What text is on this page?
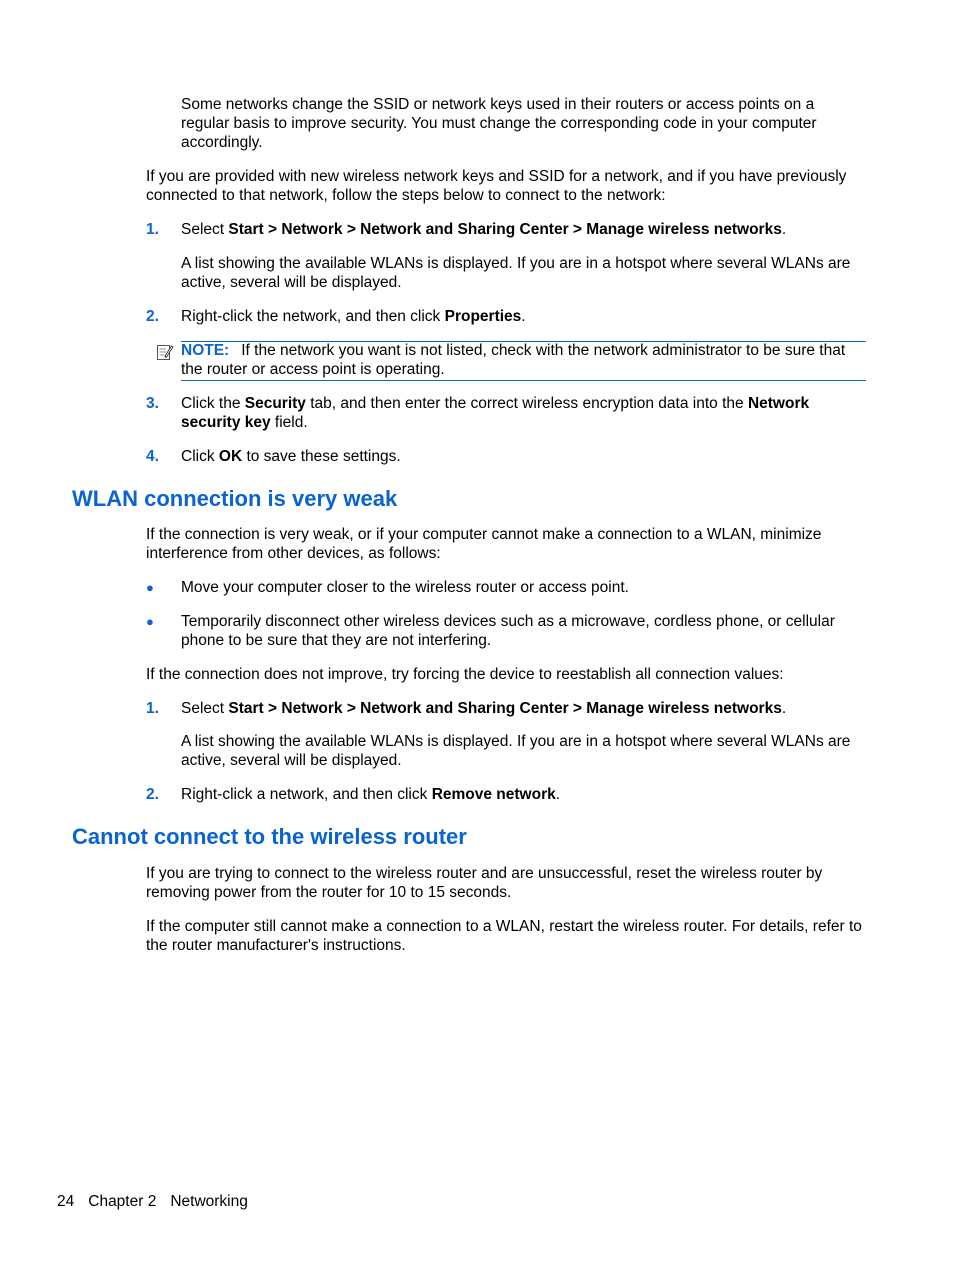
Some networks change the SSID or network keys used in their routers or access points on a regular basis to improve security. You must change the corresponding code in your computer accordingly.

If you are provided with new wireless network keys and SSID for a network, and if you have previously connected to that network, follow the steps below to connect to the network:

1. Select Start > Network > Network and Sharing Center > Manage wireless networks.

A list showing the available WLANs is displayed. If you are in a hotspot where several WLANs are active, several will be displayed.

2. Right-click the network, and then click Properties.

NOTE: If the network you want is not listed, check with the network administrator to be sure that the router or access point is operating.

3. Click the Security tab, and then enter the correct wireless encryption data into the Network security key field.

4. Click OK to save these settings.

WLAN connection is very weak

If the connection is very weak, or if your computer cannot make a connection to a WLAN, minimize interference from other devices, as follows:

● Move your computer closer to the wireless router or access point.

● Temporarily disconnect other wireless devices such as a microwave, cordless phone, or cellular phone to be sure that they are not interfering.

If the connection does not improve, try forcing the device to reestablish all connection values:

1. Select Start > Network > Network and Sharing Center > Manage wireless networks.

A list showing the available WLANs is displayed. If you are in a hotspot where several WLANs are active, several will be displayed.

2. Right-click a network, and then click Remove network.

Cannot connect to the wireless router

If you are trying to connect to the wireless router and are unsuccessful, reset the wireless router by removing power from the router for 10 to 15 seconds.

If the computer still cannot make a connection to a WLAN, restart the wireless router. For details, refer to the router manufacturer's instructions.

24 Chapter 2 Networking
